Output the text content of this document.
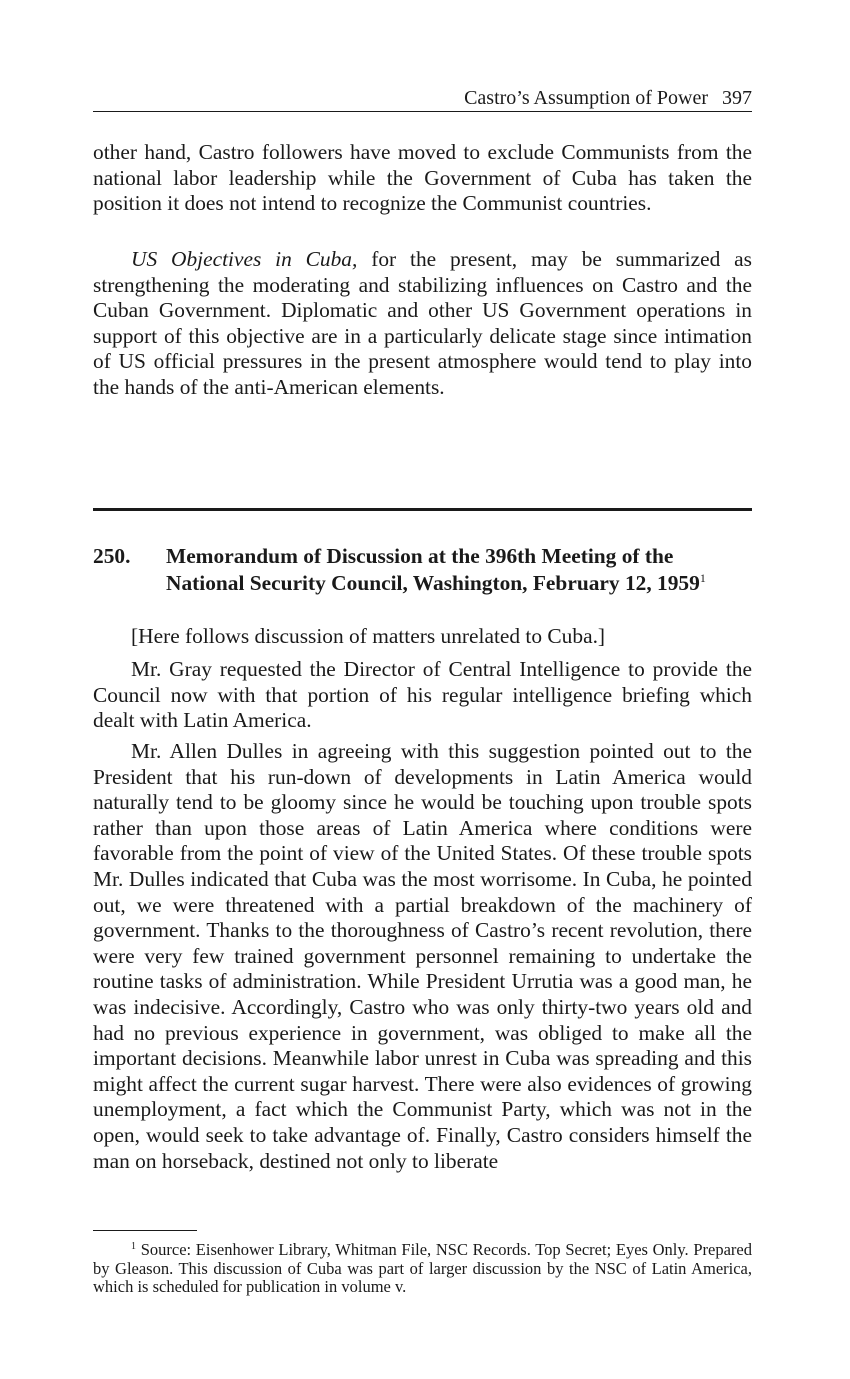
Castro’s Assumption of Power 397

other hand, Castro followers have moved to exclude Communists from the national labor leadership while the Government of Cuba has taken the position it does not intend to recognize the Communist countries.

US Objectives in Cuba, for the present, may be summarized as strengthening the moderating and stabilizing influences on Castro and the Cuban Government. Diplomatic and other US Government operations in support of this objective are in a particularly delicate stage since intimation of US official pressures in the present atmosphere would tend to play into the hands of the anti-American elements.

250. Memorandum of Discussion at the 396th Meeting of the National Security Council, Washington, February 12, 1959$^1$

[Here follows discussion of matters unrelated to Cuba.]

Mr. Gray requested the Director of Central Intelligence to provide the Council now with that portion of his regular intelligence briefing which dealt with Latin America.

Mr. Allen Dulles in agreeing with this suggestion pointed out to the President that his run-down of developments in Latin America would naturally tend to be gloomy since he would be touching upon trouble spots rather than upon those areas of Latin America where conditions were favorable from the point of view of the United States. Of these trouble spots Mr. Dulles indicated that Cuba was the most worrisome. In Cuba, he pointed out, we were threatened with a partial breakdown of the machinery of government. Thanks to the thoroughness of Castro’s recent revolution, there were very few trained government personnel remaining to undertake the routine tasks of administration. While President Urrutia was a good man, he was indecisive. Accordingly, Castro who was only thirty-two years old and had no previous experience in government, was obliged to make all the important decisions. Meanwhile labor unrest in Cuba was spreading and this might affect the current sugar harvest. There were also evidences of growing unemployment, a fact which the Communist Party, which was not in the open, would seek to take advantage of. Finally, Castro considers himself the man on horseback, destined not only to liberate

$^1$ Source: Eisenhower Library, Whitman File, NSC Records. Top Secret; Eyes Only. Prepared by Gleason. This discussion of Cuba was part of larger discussion by the NSC of Latin America, which is scheduled for publication in volume v.
